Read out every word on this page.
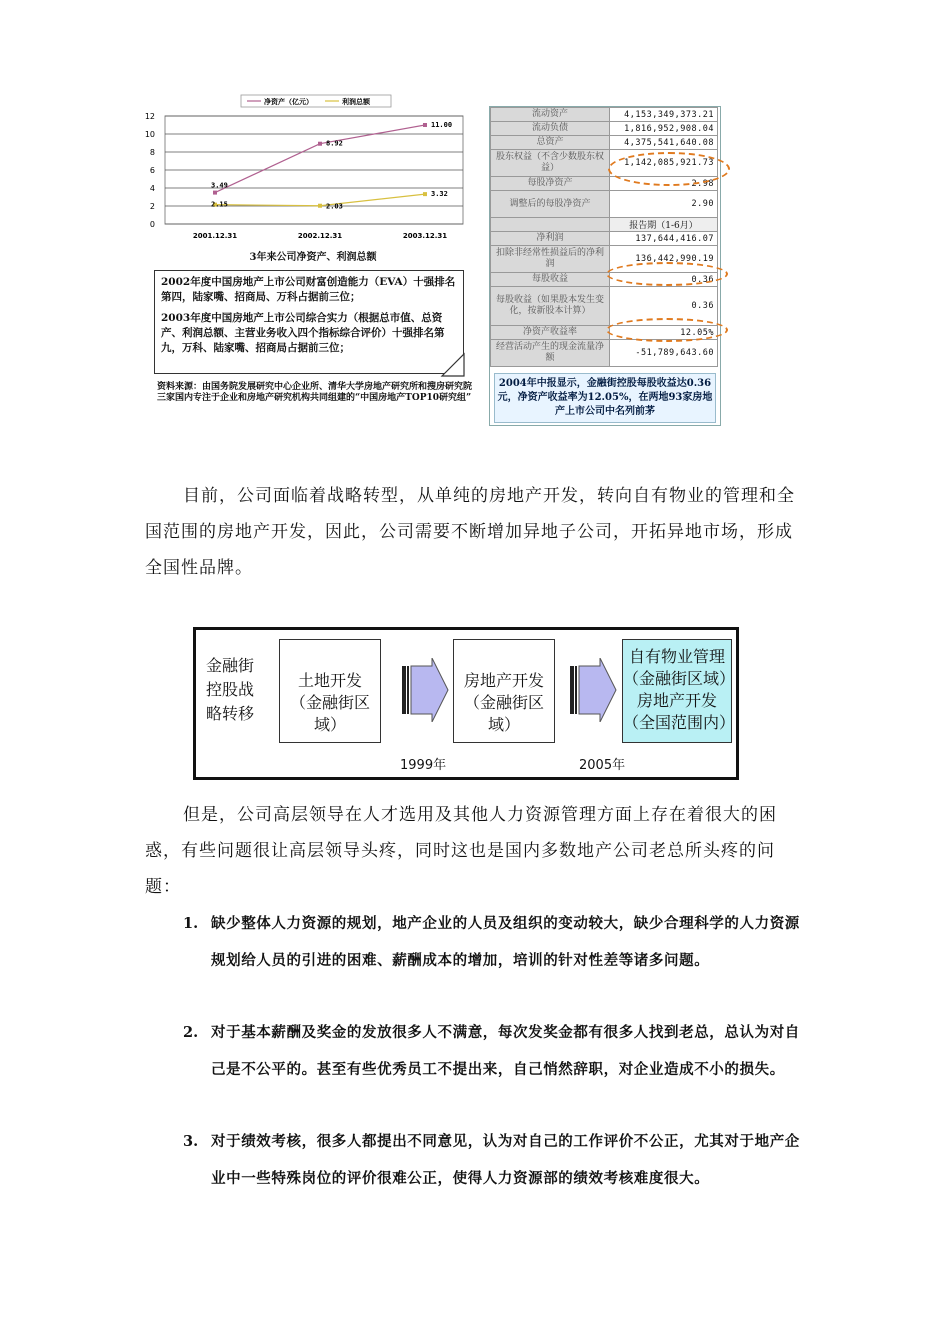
0
2
4
6
8
10
12
2001.12.31	2002.12.31	2003.12.31
3.49
8.92
11.00
2.15	2.03
3.32
净资产（亿元）	利润总额
3年来公司净资产、利润总额

2002年度中国房地产上市公司财富创造能力（EVA）十强排名第四，陆家嘴、招商局、万科占据前三位；

2003年度中国房地产上市公司综合实力（根据总市值、总资产、利润总额、主营业务收入四个指标综合评价）十强排名第九，万科、陆家嘴、招商局占据前三位；

资料来源：由国务院发展研究中心企业所、清华大学房地产研究所和搜房研究院三家国内专注于企业和房地产研究机构共同组建的“中国房地产TOP10研究组”
流动资产	4,153,349,373.21
流动负债	1,816,952,908.04
总资产	4,375,541,640.08
股东权益（不含少数股东权益）	1,142,085,921.73
每股净资产	2.98
调整后的每股净资产	2.90
	报告期（1-6月）
净利润	137,644,416.07
扣除非经常性损益后的净利润	136,442,990.19
每股收益	0.36
每股收益（如果股本发生变化，按新股本计算）	0.36
净资产收益率	12.05%
经营活动产生的现金流量净额	-51,789,643.60
2004年中报显示，金融街控股每股收益达0.36元，净资产收益率为12.05%，在两地93家房地产上市公司中名列前茅
目前，公司面临着战略转型，从单纯的房地产开发，转向自有物业的管理和全国范围的房地产开发，因此，公司需要不断增加异地子公司，开拓异地市场，形成全国性品牌。
金融街控股战略转移
土地开发
（金融街区域）
房地产开发
（金融街区域）
自有物业管理
（金融街区域）
房地产开发
（全国范围内）
1999年	2005年
但是，公司高层领导在人才选用及其他人力资源管理方面上存在着很大的困惑，有些问题很让高层领导头疼，同时这也是国内多数地产公司老总所头疼的问题：
1. 缺少整体人力资源的规划，地产企业的人员及组织的变动较大，缺少合理科学的人力资源规划给人员的引进的困难、薪酬成本的增加，培训的针对性差等诸多问题。
2. 对于基本薪酬及奖金的发放很多人不满意，每次发奖金都有很多人找到老总，总认为对自己是不公平的。甚至有些优秀员工不提出来，自己悄然辞职，对企业造成不小的损失。
3. 对于绩效考核，很多人都提出不同意见，认为对自己的工作评价不公正，尤其对于地产企业中一些特殊岗位的评价很难公正，使得人力资源部的绩效考核难度很大。
